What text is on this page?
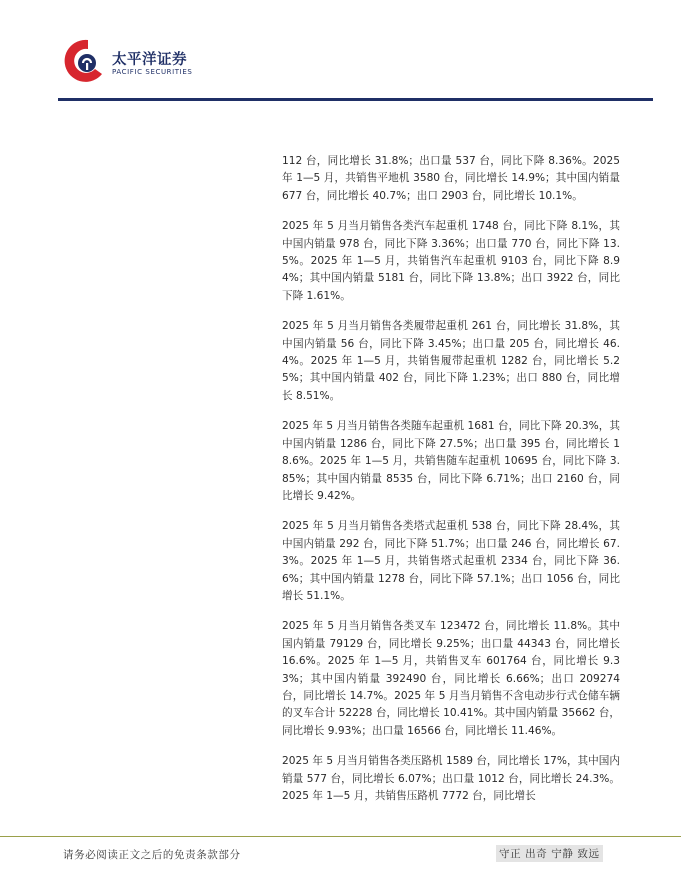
太平洋证券
PACIFIC SECURITIES

112 台，同比增长 31.8%；出口量 537 台，同比下降 8.36%。2025 年 1—5 月，共销售平地机 3580 台，同比增长 14.9%；其中国内销量 677 台，同比增长 40.7%；出口 2903 台，同比增长 10.1%。

2025 年 5 月当月销售各类汽车起重机 1748 台，同比下降 8.1%，其中国内销量 978 台，同比下降 3.36%；出口量 770 台，同比下降 13.5%。2025 年 1—5 月，共销售汽车起重机 9103 台，同比下降 8.94%；其中国内销量 5181 台，同比下降 13.8%；出口 3922 台，同比下降 1.61%。

2025 年 5 月当月销售各类履带起重机 261 台，同比增长 31.8%，其中国内销量 56 台，同比下降 3.45%；出口量 205 台，同比增长 46.4%。2025 年 1—5 月，共销售履带起重机 1282 台，同比增长 5.25%；其中国内销量 402 台，同比下降 1.23%；出口 880 台，同比增长 8.51%。

2025 年 5 月当月销售各类随车起重机 1681 台，同比下降 20.3%，其中国内销量 1286 台，同比下降 27.5%；出口量 395 台，同比增长 18.6%。2025 年 1—5 月，共销售随车起重机 10695 台，同比下降 3.85%；其中国内销量 8535 台，同比下降 6.71%；出口 2160 台，同比增长 9.42%。

2025 年 5 月当月销售各类塔式起重机 538 台，同比下降 28.4%，其中国内销量 292 台，同比下降 51.7%；出口量 246 台，同比增长 67.3%。2025 年 1—5 月，共销售塔式起重机 2334 台，同比下降 36.6%；其中国内销量 1278 台，同比下降 57.1%；出口 1056 台，同比增长 51.1%。

2025 年 5 月当月销售各类叉车 123472 台，同比增长 11.8%。其中国内销量 79129 台，同比增长 9.25%；出口量 44343 台，同比增长 16.6%。2025 年 1—5 月，共销售叉车 601764 台，同比增长 9.33%；其中国内销量 392490 台，同比增长 6.66%；出口 209274 台，同比增长 14.7%。2025 年 5 月当月销售不含电动步行式仓储车辆的叉车合计 52228 台，同比增长 10.41%。其中国内销量 35662 台，同比增长 9.93%；出口量 16566 台，同比增长 11.46%。

2025 年 5 月当月销售各类压路机 1589 台，同比增长 17%，其中国内销量 577 台，同比增长 6.07%；出口量 1012 台，同比增长 24.3%。2025 年 1—5 月，共销售压路机 7772 台，同比增长

请务必阅读正文之后的免责条款部分	守正 出奇 宁静 致远
